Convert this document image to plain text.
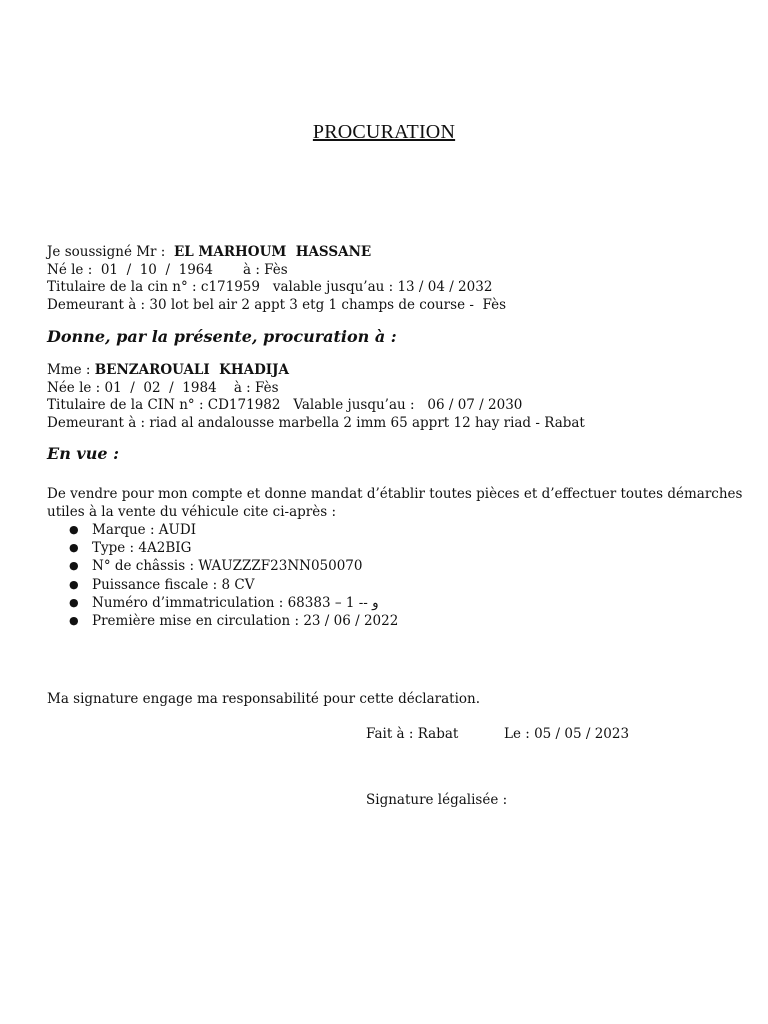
PROCURATION
Je soussigné Mr :  EL MARHOUM  HASSANE
Né le :  01  /  10  /  1964       à : Fès
Titulaire de la cin n° : c171959   valable jusqu’au : 13 / 04 / 2032
Demeurant à : 30 lot bel air 2 appt 3 etg 1 champs de course -  Fès
Donne, par la présente, procuration à :
Mme : BENZAROUALI  KHADIJA
Née le : 01  /  02  /  1984    à : Fès
Titulaire de la CIN n° : CD171982   Valable jusqu’au :   06 / 07 / 2030
Demeurant à : riad al andalousse marbella 2 imm 65 apprt 12 hay riad - Rabat
En vue :
De vendre pour mon compte et donne mandat d’établir toutes pièces et d’effectuer toutes démarches utiles à la vente du véhicule cite ci-après :
● Marque : AUDI
● Type : 4A2BIG
● N° de châssis : WAUZZZF23NN050070
● Puissance fiscale : 8 CV
● Numéro d’immatriculation : 68383 – 1 -- و
● Première mise en circulation : 23 / 06 / 2022
Ma signature engage ma responsabilité pour cette déclaration.
Fait à : Rabat	Le : 05 / 05 / 2023
Signature légalisée :
